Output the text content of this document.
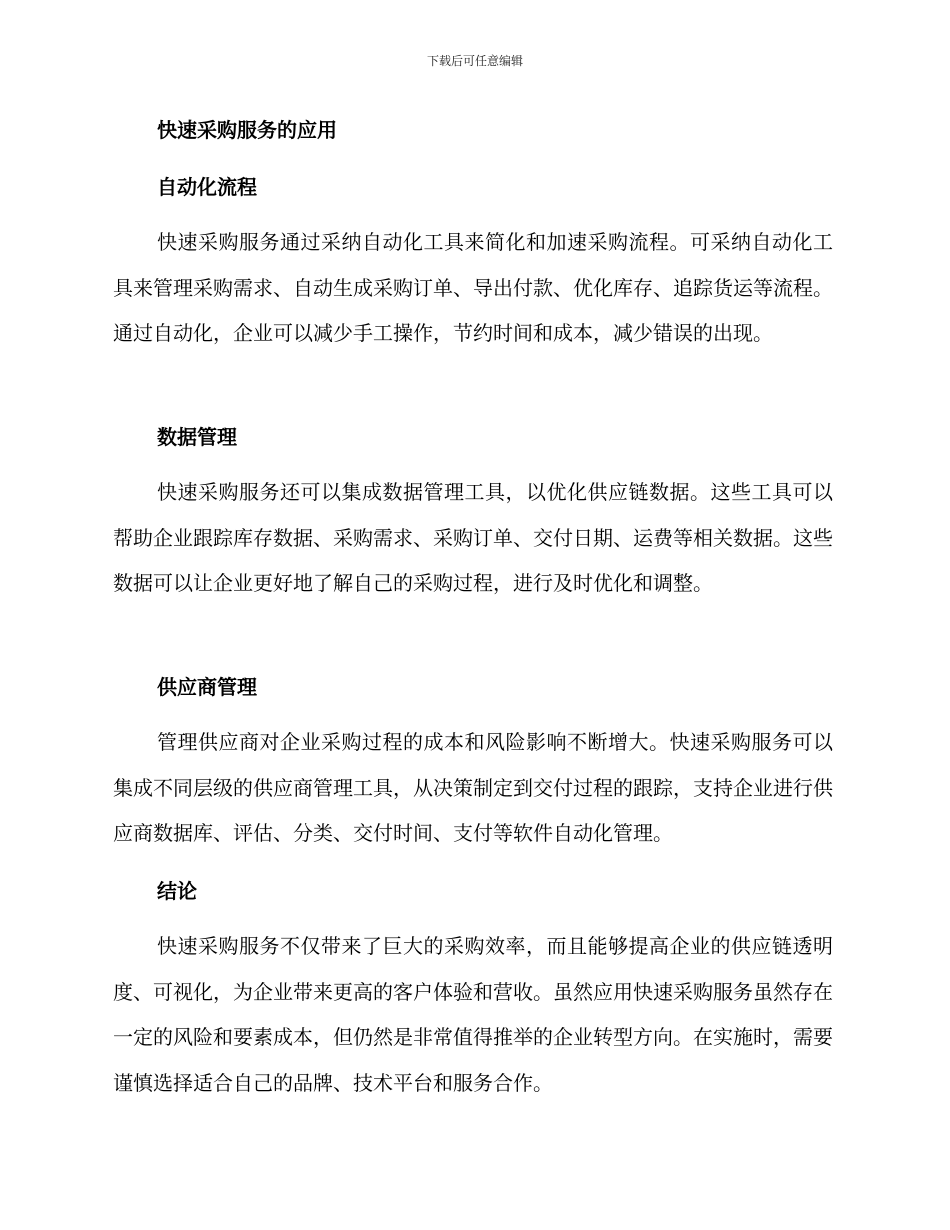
下载后可任意编辑
快速采购服务的应用
自动化流程

快速采购服务通过采纳自动化工具来简化和加速采购流程。可采纳自动化工具来管理采购需求、自动生成采购订单、导出付款、优化库存、追踪货运等流程。通过自动化，企业可以减少手工操作，节约时间和成本，减少错误的出现。

数据管理

快速采购服务还可以集成数据管理工具，以优化供应链数据。这些工具可以帮助企业跟踪库存数据、采购需求、采购订单、交付日期、运费等相关数据。这些数据可以让企业更好地了解自己的采购过程，进行及时优化和调整。

供应商管理

管理供应商对企业采购过程的成本和风险影响不断增大。快速采购服务可以集成不同层级的供应商管理工具，从决策制定到交付过程的跟踪，支持企业进行供应商数据库、评估、分类、交付时间、支付等软件自动化管理。

结论

快速采购服务不仅带来了巨大的采购效率，而且能够提高企业的供应链透明度、可视化，为企业带来更高的客户体验和营收。虽然应用快速采购服务虽然存在一定的风险和要素成本，但仍然是非常值得推举的企业转型方向。在实施时，需要谨慎选择适合自己的品牌、技术平台和服务合作。
